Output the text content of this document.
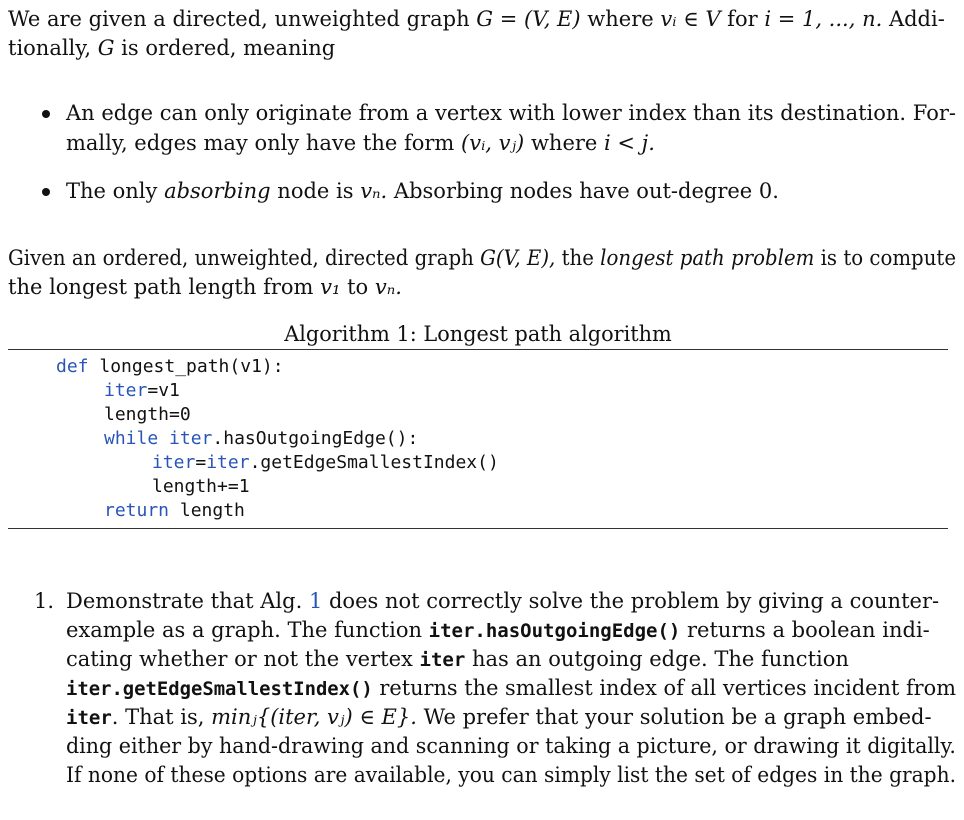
We are given a directed, unweighted graph G = (V, E) where vᵢ ∈ V for i = 1, ..., n. Addi-
tionally, G is ordered, meaning
An edge can only originate from a vertex with lower index than its destination. For-
mally, edges may only have the form (vᵢ, vⱼ) where i < j.
The only absorbing node is vₙ. Absorbing nodes have out-degree 0.
Given an ordered, unweighted, directed graph G(V, E), the longest path problem is to compute
the longest path length from v₁ to vₙ.
Algorithm 1: Longest path algorithm
def longest_path(v1):
iter=v1
length=0
while iter.hasOutgoingEdge():
iter=iter.getEdgeSmallestIndex()
length+=1
return length
1. Demonstrate that Alg. 1 does not correctly solve the problem by giving a counter-
example as a graph. The function iter.hasOutgoingEdge() returns a boolean indi-
cating whether or not the vertex iter has an outgoing edge. The function
iter.getEdgeSmallestIndex() returns the smallest index of all vertices incident from
iter. That is, minⱼ{(iter, vⱼ) ∈ E}. We prefer that your solution be a graph embed-
ding either by hand-drawing and scanning or taking a picture, or drawing it digitally.
If none of these options are available, you can simply list the set of edges in the graph.
